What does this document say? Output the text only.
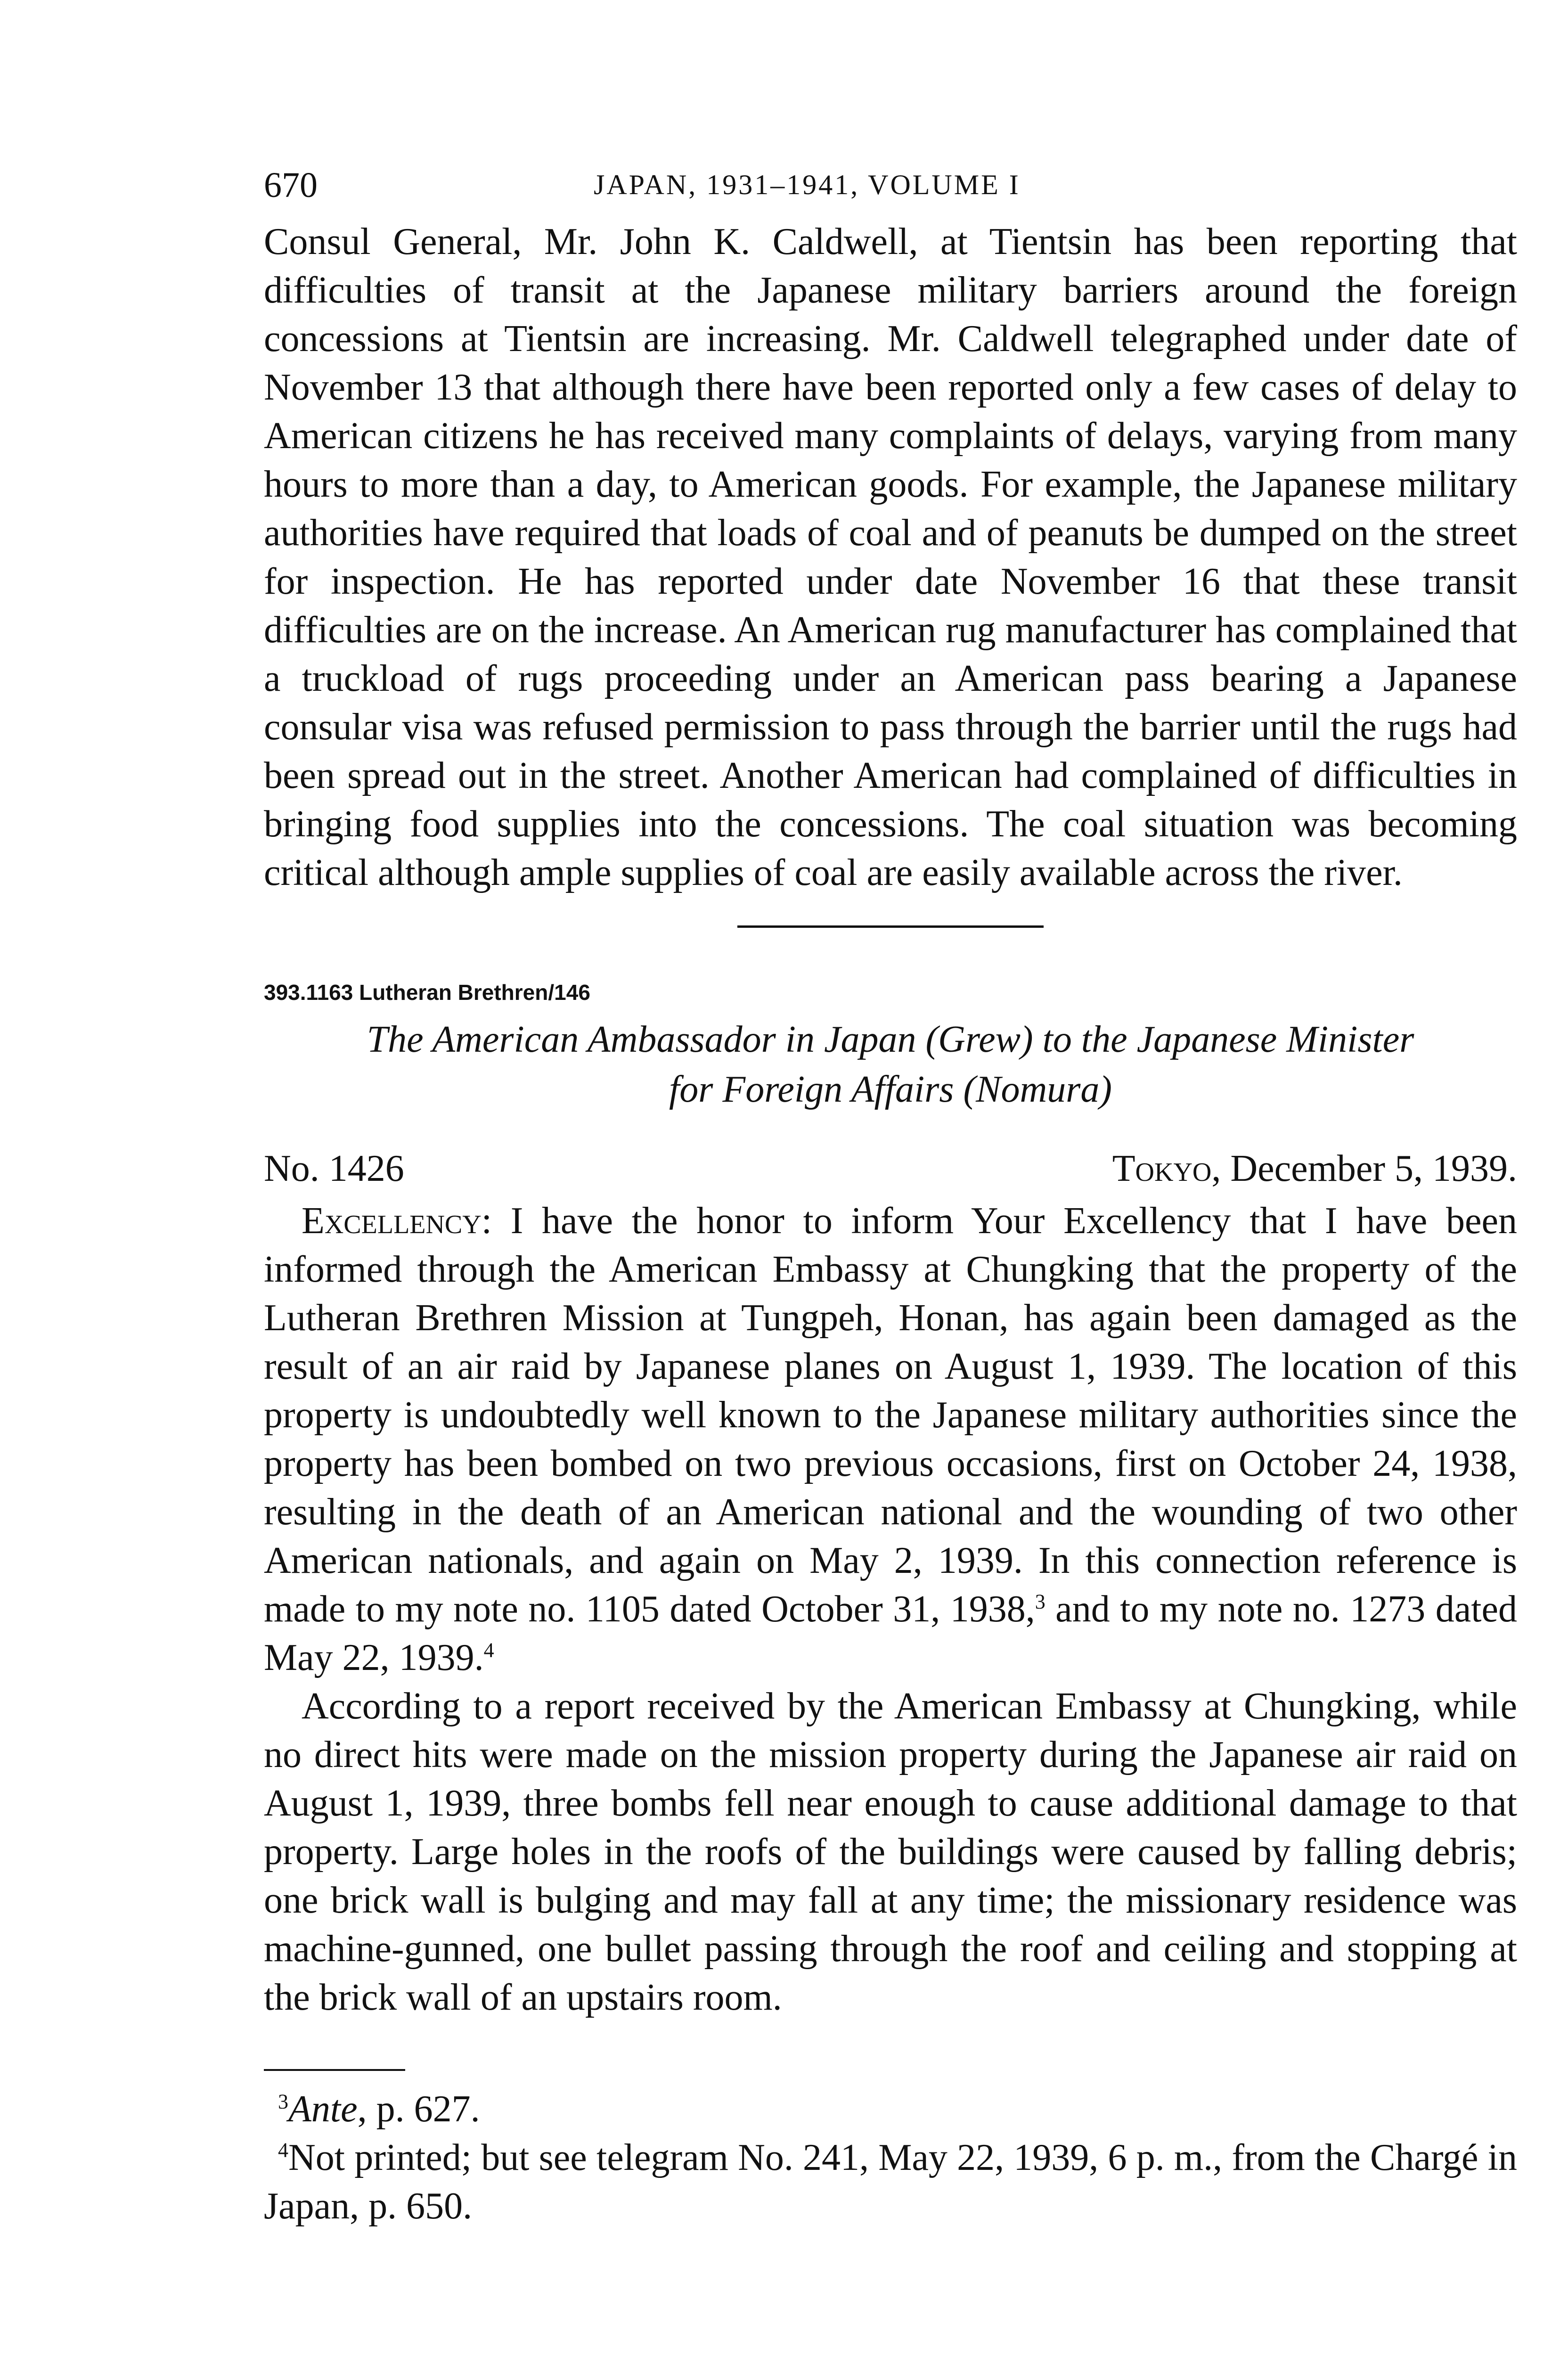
670	JAPAN, 1931–1941, VOLUME I

Consul General, Mr. John K. Caldwell, at Tientsin has been reporting that difficulties of transit at the Japanese military barriers around the foreign concessions at Tientsin are increasing. Mr. Caldwell telegraphed under date of November 13 that although there have been reported only a few cases of delay to American citizens he has received many complaints of delays, varying from many hours to more than a day, to American goods. For example, the Japanese military authorities have required that loads of coal and of peanuts be dumped on the street for inspection. He has reported under date November 16 that these transit difficulties are on the increase. An American rug manufacturer has complained that a truckload of rugs proceeding under an American pass bearing a Japanese consular visa was refused permission to pass through the barrier until the rugs had been spread out in the street. Another American had complained of difficulties in bringing food supplies into the concessions. The coal situation was becoming critical although ample supplies of coal are easily available across the river.

393.1163 Lutheran Brethren/146
The American Ambassador in Japan (Grew) to the Japanese Minister
for Foreign Affairs (Nomura)
No. 1426	Tokyo, December 5, 1939.

Excellency: I have the honor to inform Your Excellency that I have been informed through the American Embassy at Chungking that the property of the Lutheran Brethren Mission at Tungpeh, Honan, has again been damaged as the result of an air raid by Japanese planes on August 1, 1939. The location of this property is undoubtedly well known to the Japanese military authorities since the property has been bombed on two previous occasions, first on October 24, 1938, resulting in the death of an American national and the wounding of two other American nationals, and again on May 2, 1939. In this connection reference is made to my note no. 1105 dated October 31, 1938,$^3$ and to my note no. 1273 dated May 22, 1939.$^4$

According to a report received by the American Embassy at Chungking, while no direct hits were made on the mission property during the Japanese air raid on August 1, 1939, three bombs fell near enough to cause additional damage to that property. Large holes in the roofs of the buildings were caused by falling debris; one brick wall is bulging and may fall at any time; the missionary residence was machine-gunned, one bullet passing through the roof and ceiling and stopping at the brick wall of an upstairs room.

$^3$Ante, p. 627.

$^4$Not printed; but see telegram No. 241, May 22, 1939, 6 p. m., from the Chargé in Japan, p. 650.
